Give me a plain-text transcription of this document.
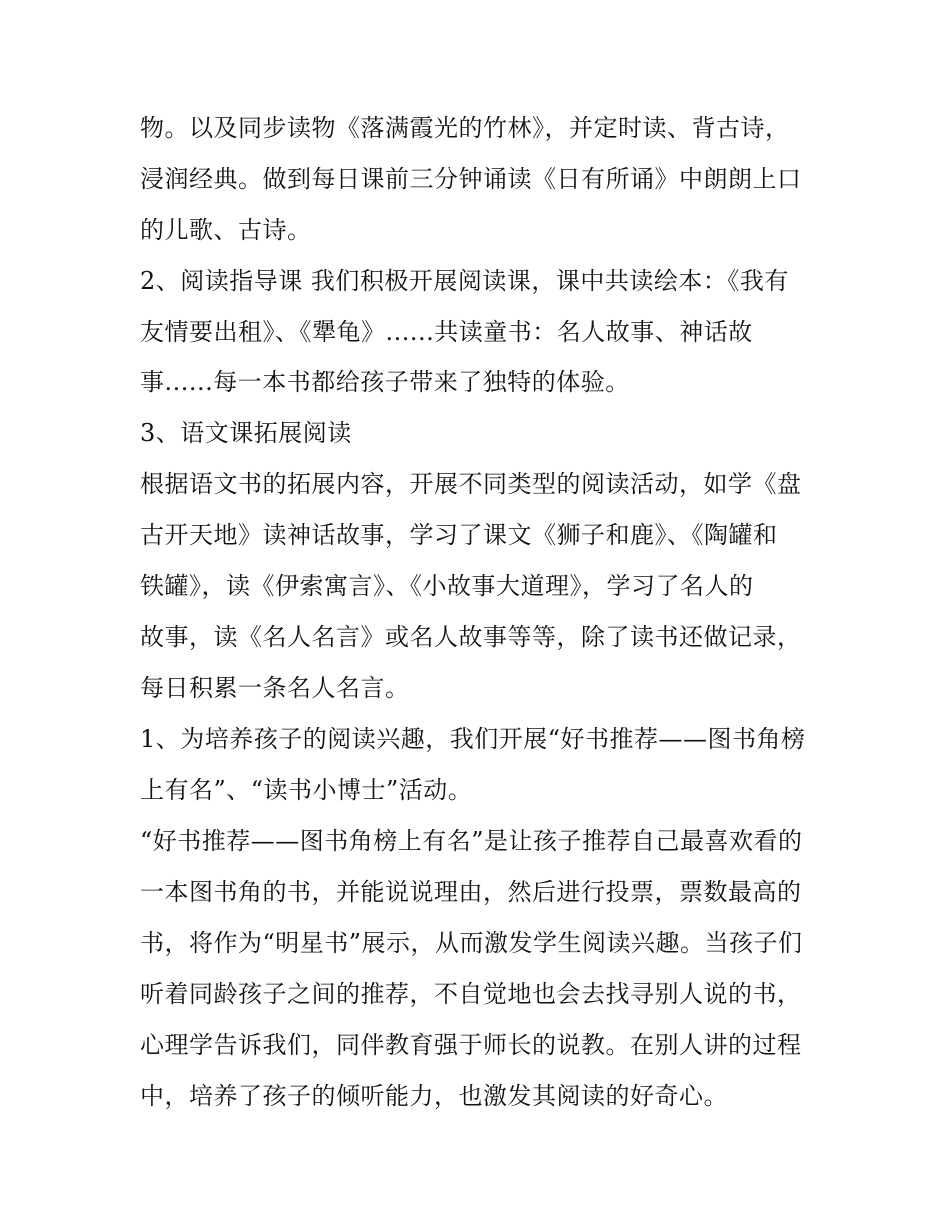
物。以及同步读物《落满霞光的竹林》，并定时读、背古诗，
浸润经典。做到每日课前三分钟诵读《日有所诵》中朗朗上口
的儿歌、古诗。
2、阅读指导课 我们积极开展阅读课，课中共读绘本：《我有
友情要出租》、《犟龟》......共读童书：名人故事、神话故
事......每一本书都给孩子带来了独特的体验。
3、语文课拓展阅读
根据语文书的拓展内容，开展不同类型的阅读活动，如学《盘
古开天地》读神话故事，学习了课文《狮子和鹿》、《陶罐和
铁罐》，读《伊索寓言》、《小故事大道理》，学习了名人的
故事，读《名人名言》或名人故事等等，除了读书还做记录，
每日积累一条名人名言。
1、为培养孩子的阅读兴趣，我们开展“好书推荐——图书角榜
上有名”、“读书小博士”活动。
“好书推荐——图书角榜上有名”是让孩子推荐自己最喜欢看的
一本图书角的书，并能说说理由，然后进行投票，票数最高的
书，将作为“明星书”展示，从而激发学生阅读兴趣。当孩子们
听着同龄孩子之间的推荐，不自觉地也会去找寻别人说的书，
心理学告诉我们，同伴教育强于师长的说教。在别人讲的过程
中，培养了孩子的倾听能力，也激发其阅读的好奇心。
